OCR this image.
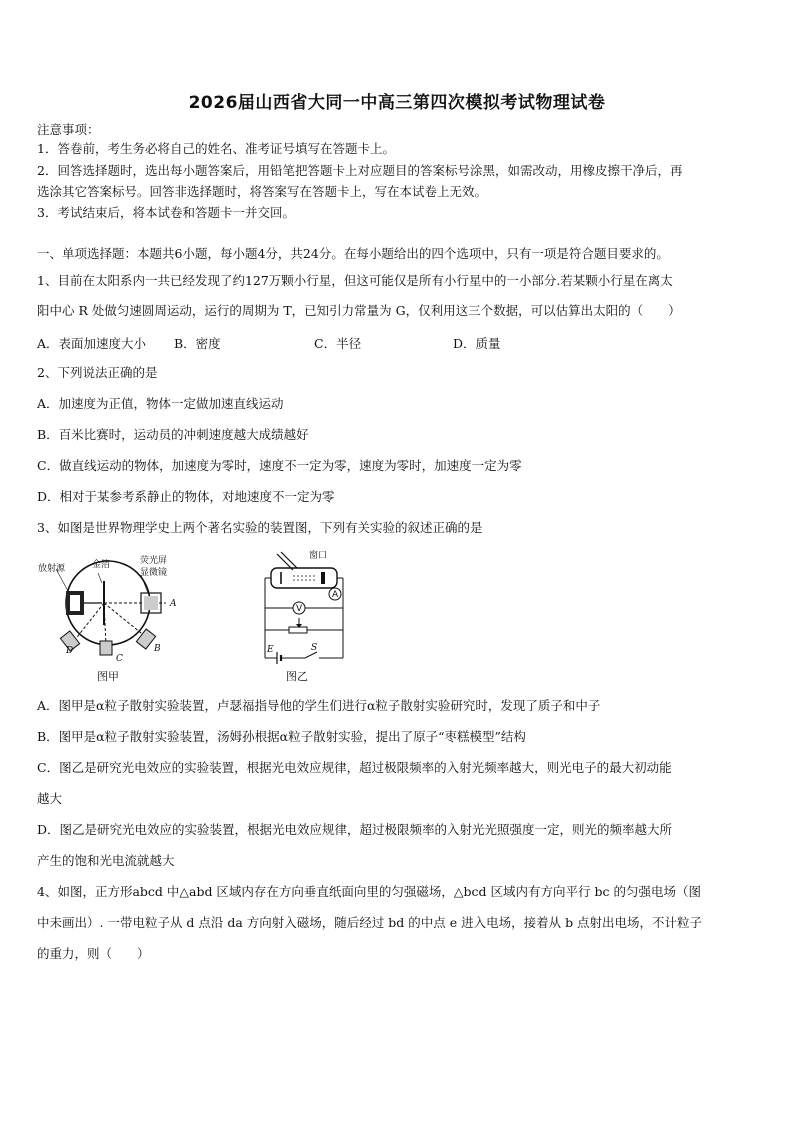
2026届山西省大同一中高三第四次模拟考试物理试卷
注意事项：
1．答卷前，考生务必将自己的姓名、准考证号填写在答题卡上。
2．回答选择题时，选出每小题答案后，用铅笔把答题卡上对应题目的答案标号涂黑，如需改动，用橡皮擦干净后，再
选涂其它答案标号。回答非选择题时，将答案写在答题卡上，写在本试卷上无效。
3．考试结束后，将本试卷和答题卡一并交回。
一、单项选择题：本题共6小题，每小题4分，共24分。在每小题给出的四个选项中，只有一项是符合题目要求的。
1、目前在太阳系内一共已经发现了约127万颗小行星，但这可能仅是所有小行星中的一小部分.若某颗小行星在离太
阳中心 R 处做匀速圆周运动，运行的周期为 T，已知引力常量为 G，仅利用这三个数据，可以估算出太阳的（　　）
A．表面加速度大小 B．密度	C．半径	D．质量
2、下列说法正确的是
A．加速度为正值，物体一定做加速直线运动
B．百米比赛时，运动员的冲刺速度越大成绩越好
C．做直线运动的物体，加速度为零时，速度不一定为零，速度为零时，加速度一定为零
D．相对于某参考系静止的物体，对地速度不一定为零
3、如图是世界物理学史上两个著名实验的装置图，下列有关实验的叙述正确的是
放射源	金箔	荧光屏
显微镜
A
B
C
D
图甲
A
V
窗口
E	S
图乙
A．图甲是α粒子散射实验装置，卢瑟福指导他的学生们进行α粒子散射实验研究时，发现了质子和中子
B．图甲是α粒子散射实验装置，汤姆孙根据α粒子散射实验，提出了原子“枣糕模型”结构
C．图乙是研究光电效应的实验装置，根据光电效应规律，超过极限频率的入射光频率越大，则光电子的最大初动能
越大
D．图乙是研究光电效应的实验装置，根据光电效应规律，超过极限频率的入射光光照强度一定，则光的频率越大所
产生的饱和光电流就越大
4、如图，正方形abcd 中△abd 区域内存在方向垂直纸面向里的匀强磁场，△bcd 区域内有方向平行 bc 的匀强电场（图
中未画出）. 一带电粒子从 d 点沿 da 方向射入磁场，随后经过 bd 的中点 e 进入电场，接着从 b 点射出电场，不计粒子
的重力，则（　　）
